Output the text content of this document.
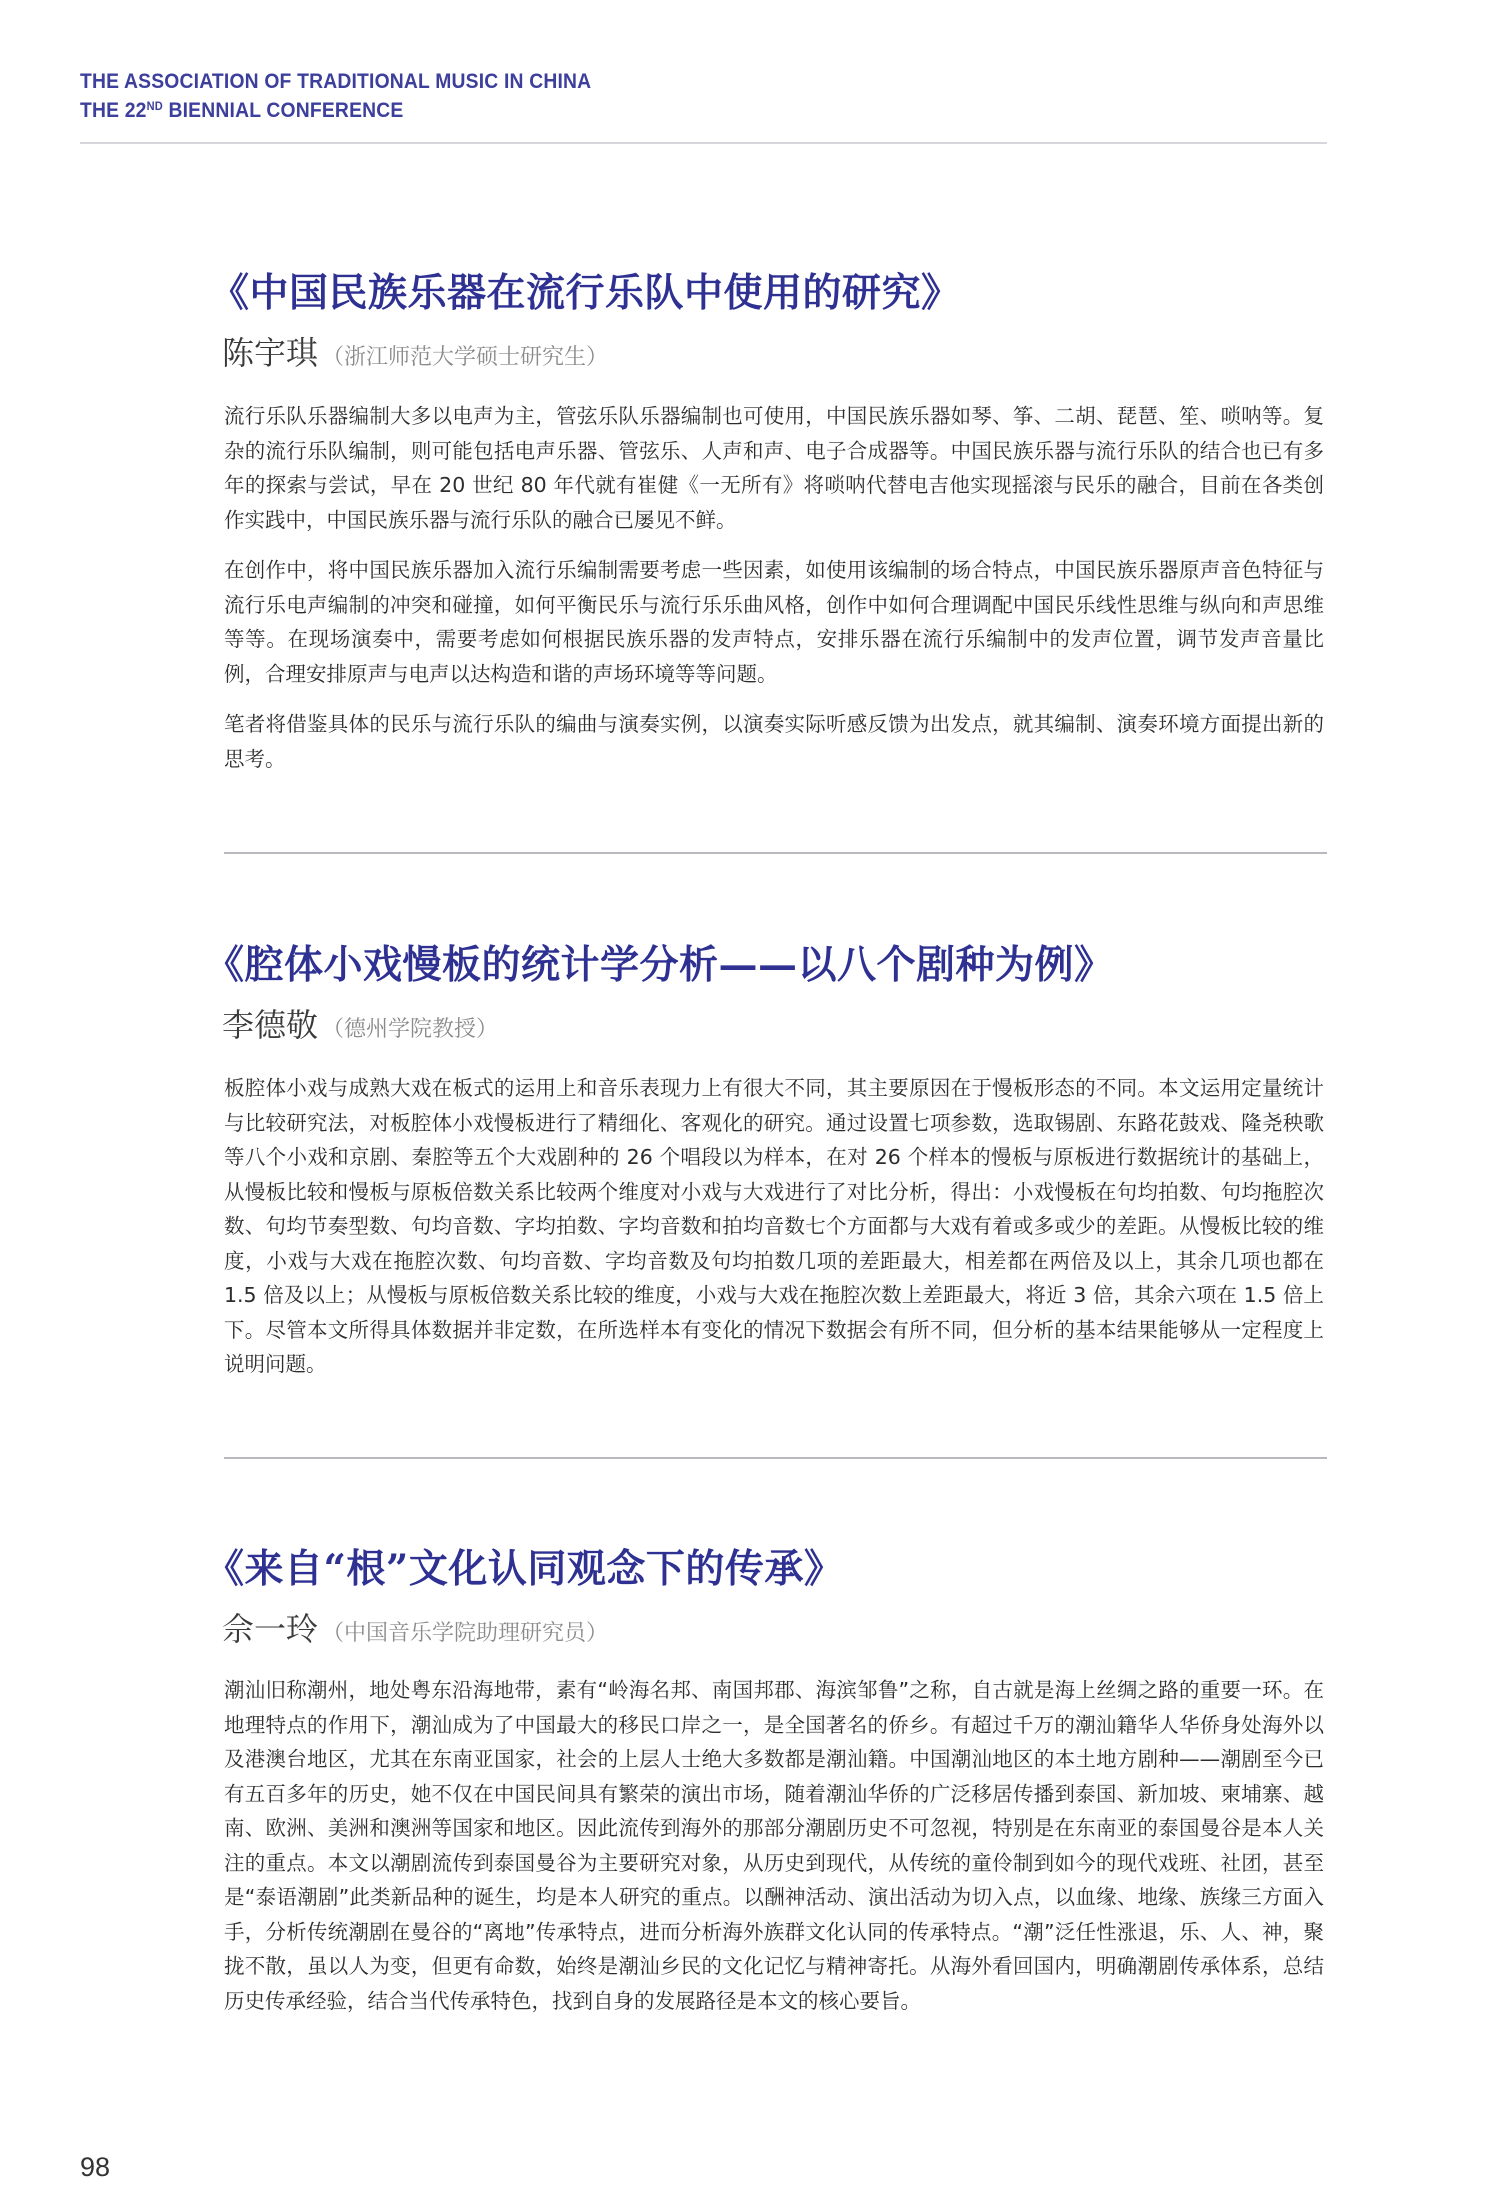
THE ASSOCIATION OF TRADITIONAL MUSIC IN CHINA
THE 22ND BIENNIAL CONFERENCE
《中国民族乐器在流行乐队中使用的研究》
陈宇琪 （浙江师范大学硕士研究生）

流行乐队乐器编制大多以电声为主，管弦乐队乐器编制也可使用，中国民族乐器如琴、筝、二胡、琵琶、笙、唢呐等。复杂的流行乐队编制，则可能包括电声乐器、管弦乐、人声和声、电子合成器等。中国民族乐器与流行乐队的结合也已有多年的探索与尝试，早在 20 世纪 80 年代就有崔健《一无所有》将唢呐代替电吉他实现摇滚与民乐的融合，目前在各类创作实践中，中国民族乐器与流行乐队的融合已屡见不鲜。

在创作中，将中国民族乐器加入流行乐编制需要考虑一些因素，如使用该编制的场合特点，中国民族乐器原声音色特征与流行乐电声编制的冲突和碰撞，如何平衡民乐与流行乐乐曲风格，创作中如何合理调配中国民乐线性思维与纵向和声思维等等。在现场演奏中，需要考虑如何根据民族乐器的发声特点，安排乐器在流行乐编制中的发声位置，调节发声音量比例，合理安排原声与电声以达构造和谐的声场环境等等问题。

笔者将借鉴具体的民乐与流行乐队的编曲与演奏实例，以演奏实际听感反馈为出发点，就其编制、演奏环境方面提出新的思考。

《腔体小戏慢板的统计学分析——以八个剧种为例》
李德敬 （德州学院教授）

板腔体小戏与成熟大戏在板式的运用上和音乐表现力上有很大不同，其主要原因在于慢板形态的不同。本文运用定量统计与比较研究法，对板腔体小戏慢板进行了精细化、客观化的研究。通过设置七项参数，选取锡剧、东路花鼓戏、隆尧秧歌等八个小戏和京剧、秦腔等五个大戏剧种的 26 个唱段以为样本，在对 26 个样本的慢板与原板进行数据统计的基础上，从慢板比较和慢板与原板倍数关系比较两个维度对小戏与大戏进行了对比分析，得出：小戏慢板在句均拍数、句均拖腔次数、句均节奏型数、句均音数、字均拍数、字均音数和拍均音数七个方面都与大戏有着或多或少的差距。从慢板比较的维度，小戏与大戏在拖腔次数、句均音数、字均音数及句均拍数几项的差距最大，相差都在两倍及以上，其余几项也都在 1.5 倍及以上；从慢板与原板倍数关系比较的维度，小戏与大戏在拖腔次数上差距最大，将近 3 倍，其余六项在 1.5 倍上下。尽管本文所得具体数据并非定数，在所选样本有变化的情况下数据会有所不同，但分析的基本结果能够从一定程度上说明问题。

《来自“根”文化认同观念下的传承》
佘一玲 （中国音乐学院助理研究员）

潮汕旧称潮州，地处粤东沿海地带，素有“岭海名邦、南国邦郡、海滨邹鲁”之称，自古就是海上丝绸之路的重要一环。在地理特点的作用下，潮汕成为了中国最大的移民口岸之一，是全国著名的侨乡。有超过千万的潮汕籍华人华侨身处海外以及港澳台地区，尤其在东南亚国家，社会的上层人士绝大多数都是潮汕籍。中国潮汕地区的本土地方剧种——潮剧至今已有五百多年的历史，她不仅在中国民间具有繁荣的演出市场，随着潮汕华侨的广泛移居传播到泰国、新加坡、柬埔寨、越南、欧洲、美洲和澳洲等国家和地区。因此流传到海外的那部分潮剧历史不可忽视，特别是在东南亚的泰国曼谷是本人关注的重点。本文以潮剧流传到泰国曼谷为主要研究对象，从历史到现代，从传统的童伶制到如今的现代戏班、社团，甚至是“泰语潮剧”此类新品种的诞生，均是本人研究的重点。以酬神活动、演出活动为切入点，以血缘、地缘、族缘三方面入手，分析传统潮剧在曼谷的“离地”传承特点，进而分析海外族群文化认同的传承特点。“潮”泛任性涨退，乐、人、神，聚拢不散，虽以人为变，但更有命数，始终是潮汕乡民的文化记忆与精神寄托。从海外看回国内，明确潮剧传承体系，总结历史传承经验，结合当代传承特色，找到自身的发展路径是本文的核心要旨。

98
